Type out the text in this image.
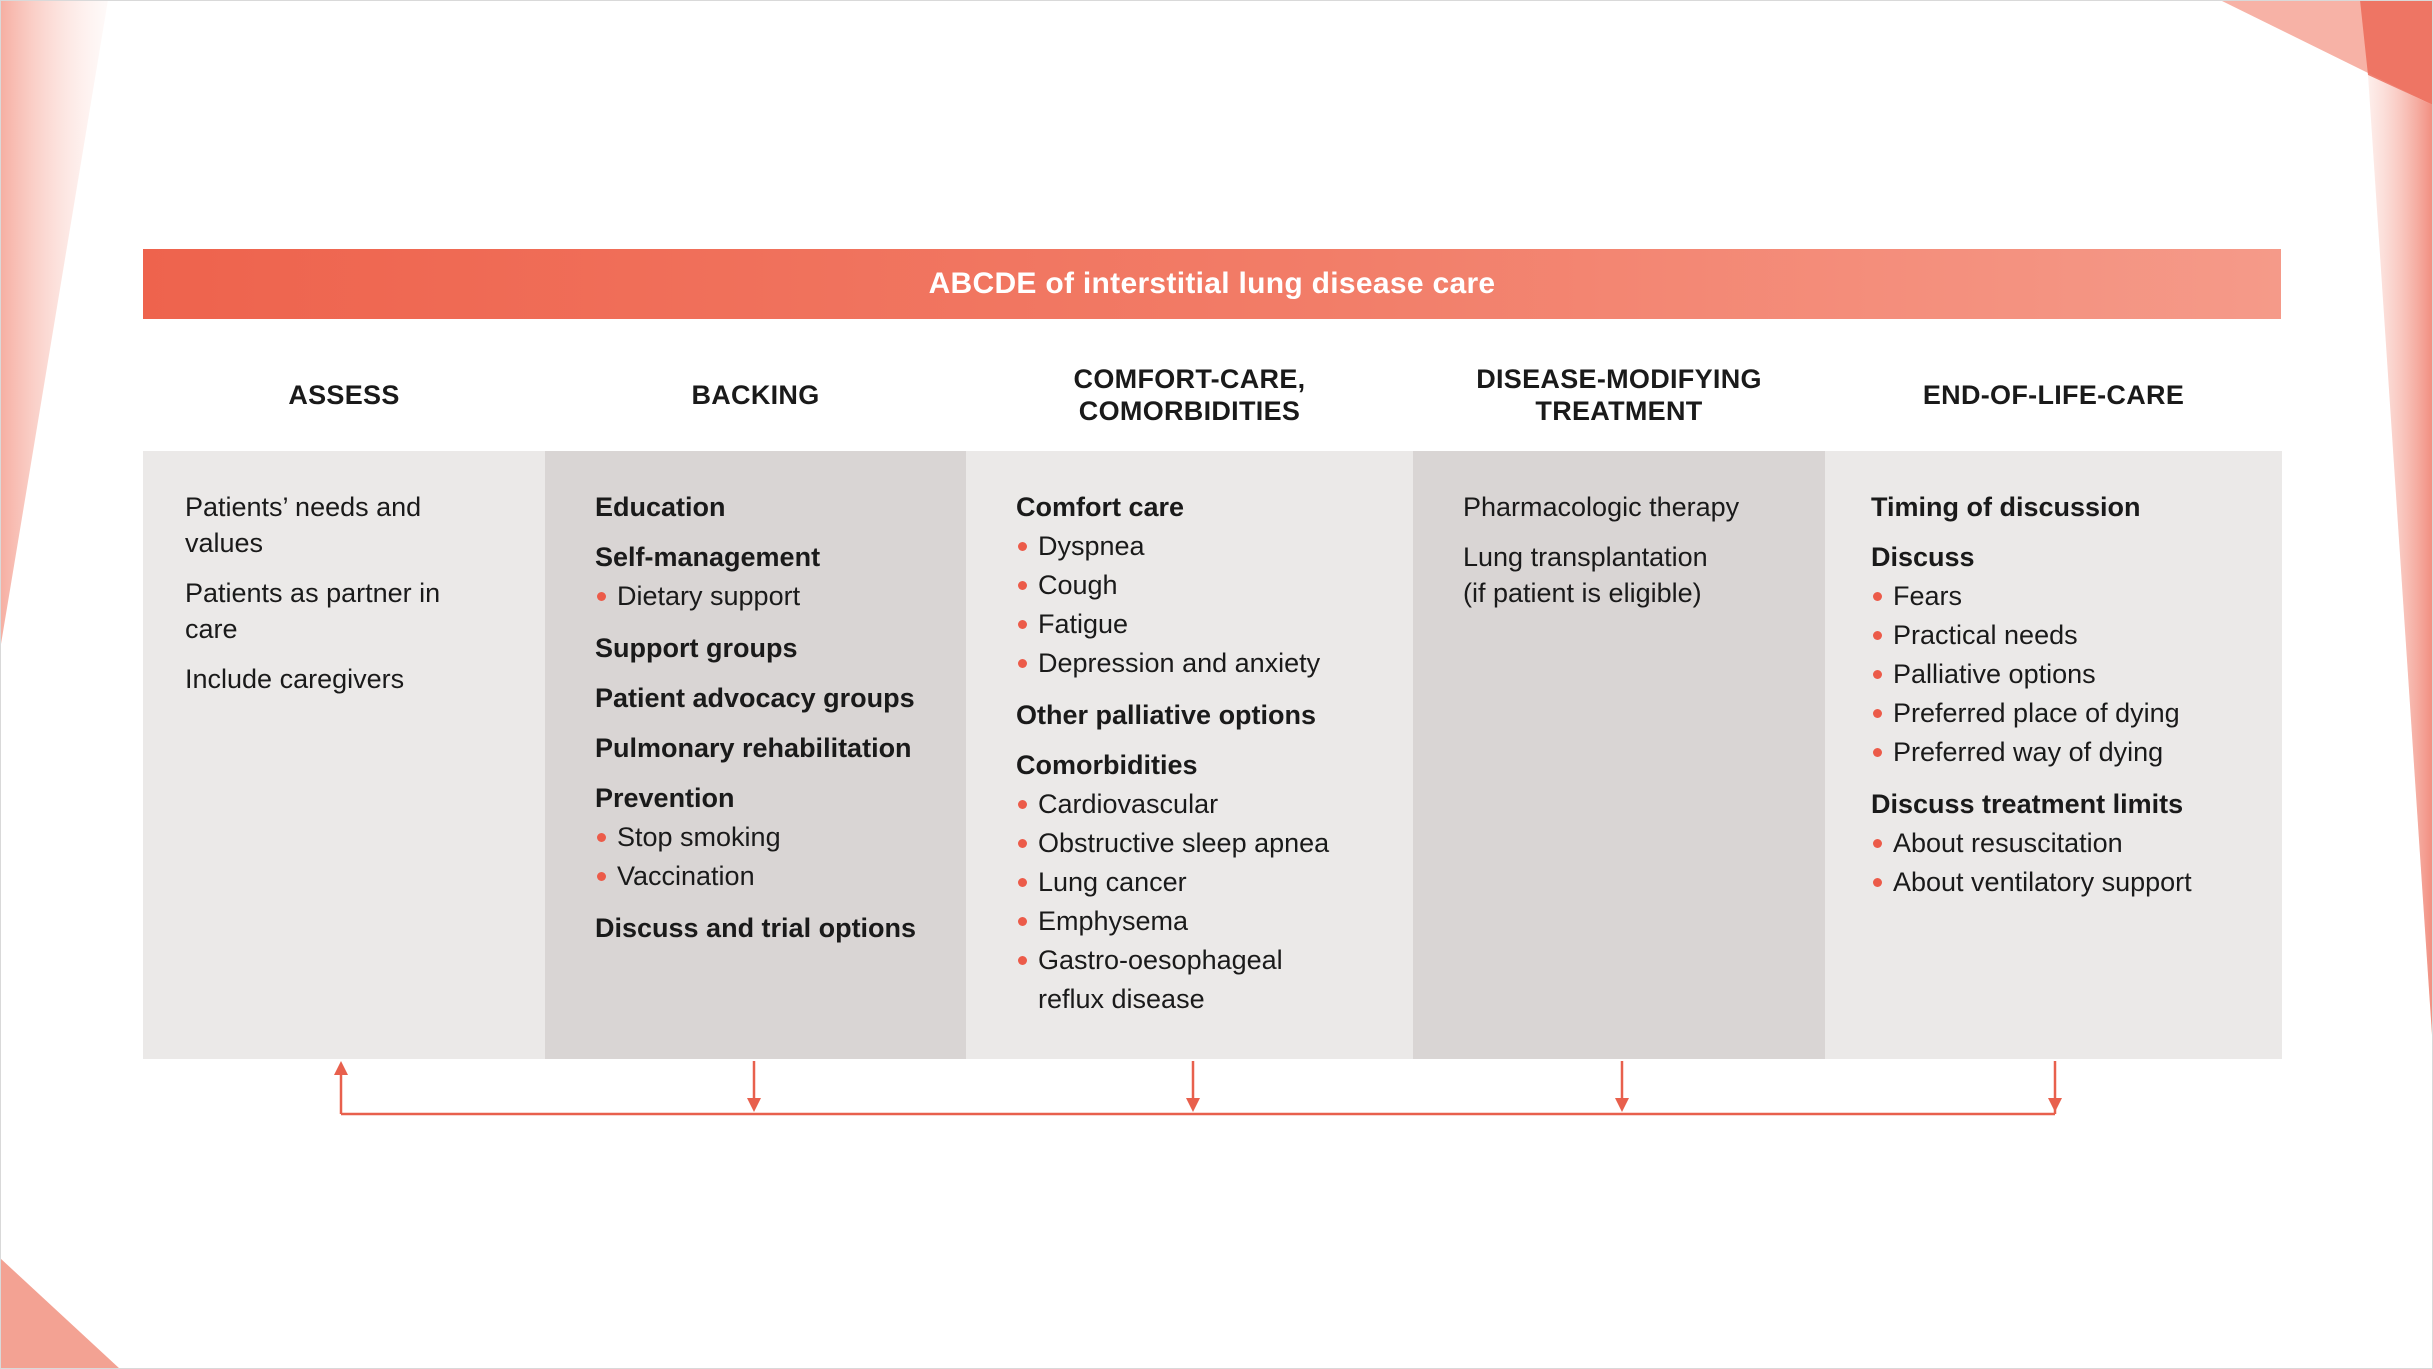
ABCDE of interstitial lung disease care
ASSESS	BACKING
COMFORT-CARE,
COMORBIDITIES
DISEASE-MODIFYING
TREATMENT
END-OF-LIFE-CARE
Patients’ needs and values
Patients as partner in care
Include caregivers
Education
Self-management
Dietary support
Support groups
Patient advocacy groups
Pulmonary rehabilitation
Prevention
Stop smoking
Vaccination
Discuss and trial options
Comfort care
Dyspnea
Cough
Fatigue
Depression and anxiety
Other palliative options
Comorbidities
Cardiovascular
Obstructive sleep apnea
Lung cancer
Emphysema
Gastro-oesophageal
reflux disease
Pharmacologic therapy
Lung transplantation
(if patient is eligible)
Timing of discussion
Discuss
Fears
Practical needs
Palliative options
Preferred place of dying
Preferred way of dying
Discuss treatment limits
About resuscitation
About ventilatory support
